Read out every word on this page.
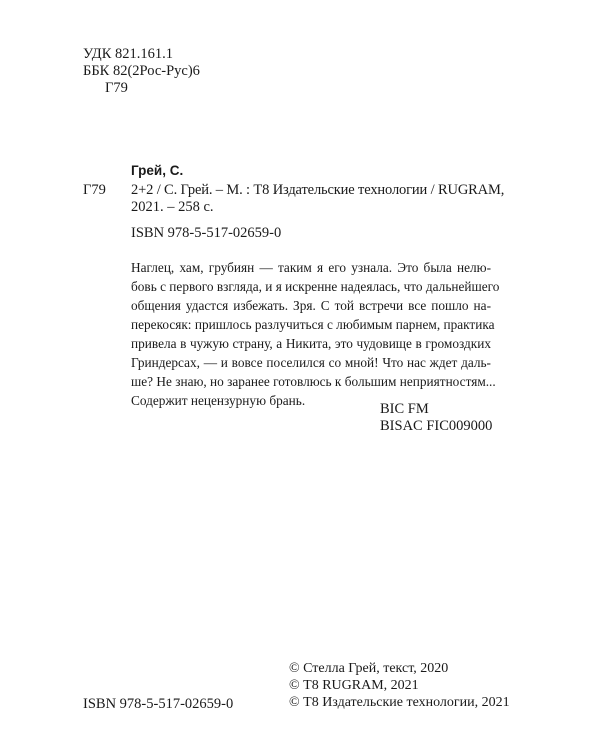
УДК 821.161.1
ББК 82(2Рос-Рус)6
Г79
Грей, С.
Г79 2+2 / С. Грей. – М. : Т8 Издательские технологии / RUGRAM,
2021. – 258 с.
ISBN 978-5-517-02659-0

Наглец, хам, грубиян — таким я его узнала. Это была нелю-

бовь с первого взгляда, и я искренне надеялась, что дальнейшего

общения удастся избежать. Зря. С той встречи все пошло на-

перекосяк: пришлось разлучиться с любимым парнем, практика

привела в чужую страну, а Никита, это чудовище в громоздких

Гриндерсах, — и вовсе поселился со мной! Что нас ждет даль-

ше? Не знаю, но заранее готовлюсь к большим неприятностям...

Содержит нецензурную брань.

BIC FM
BISAC FIC009000
ISBN 978-5-517-02659-0
© Стелла Грей, текст, 2020
© Т8 RUGRAM, 2021
© Т8 Издательские технологии, 2021
